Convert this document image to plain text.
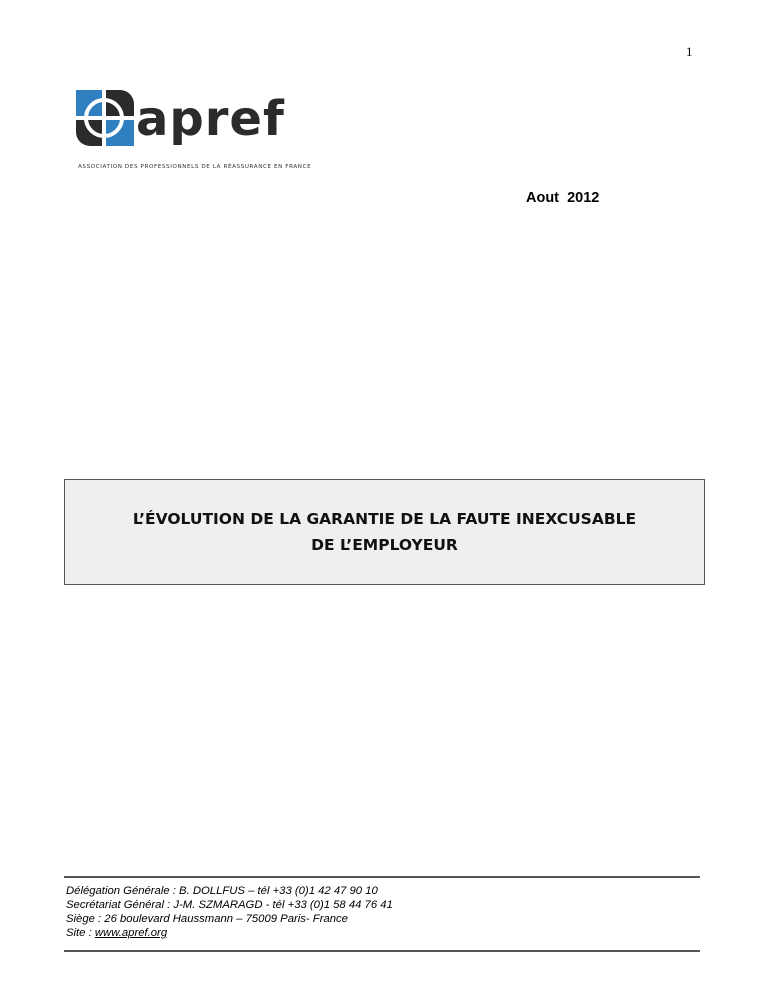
1
apref
ASSOCIATION DES PROFESSIONNELS DE LA RÉASSURANCE EN FRANCE
Aout  2012
L’ÉVOLUTION DE LA GARANTIE DE LA FAUTE INEXCUSABLE
DE L’EMPLOYEUR
Délégation Générale : B. DOLLFUS – tél +33 (0)1 42 47 90 10
Secrétariat Général : J-M. SZMARAGD - tél +33 (0)1 58 44 76 41
Siège : 26 boulevard Haussmann – 75009 Paris- France
Site : www.apref.org
